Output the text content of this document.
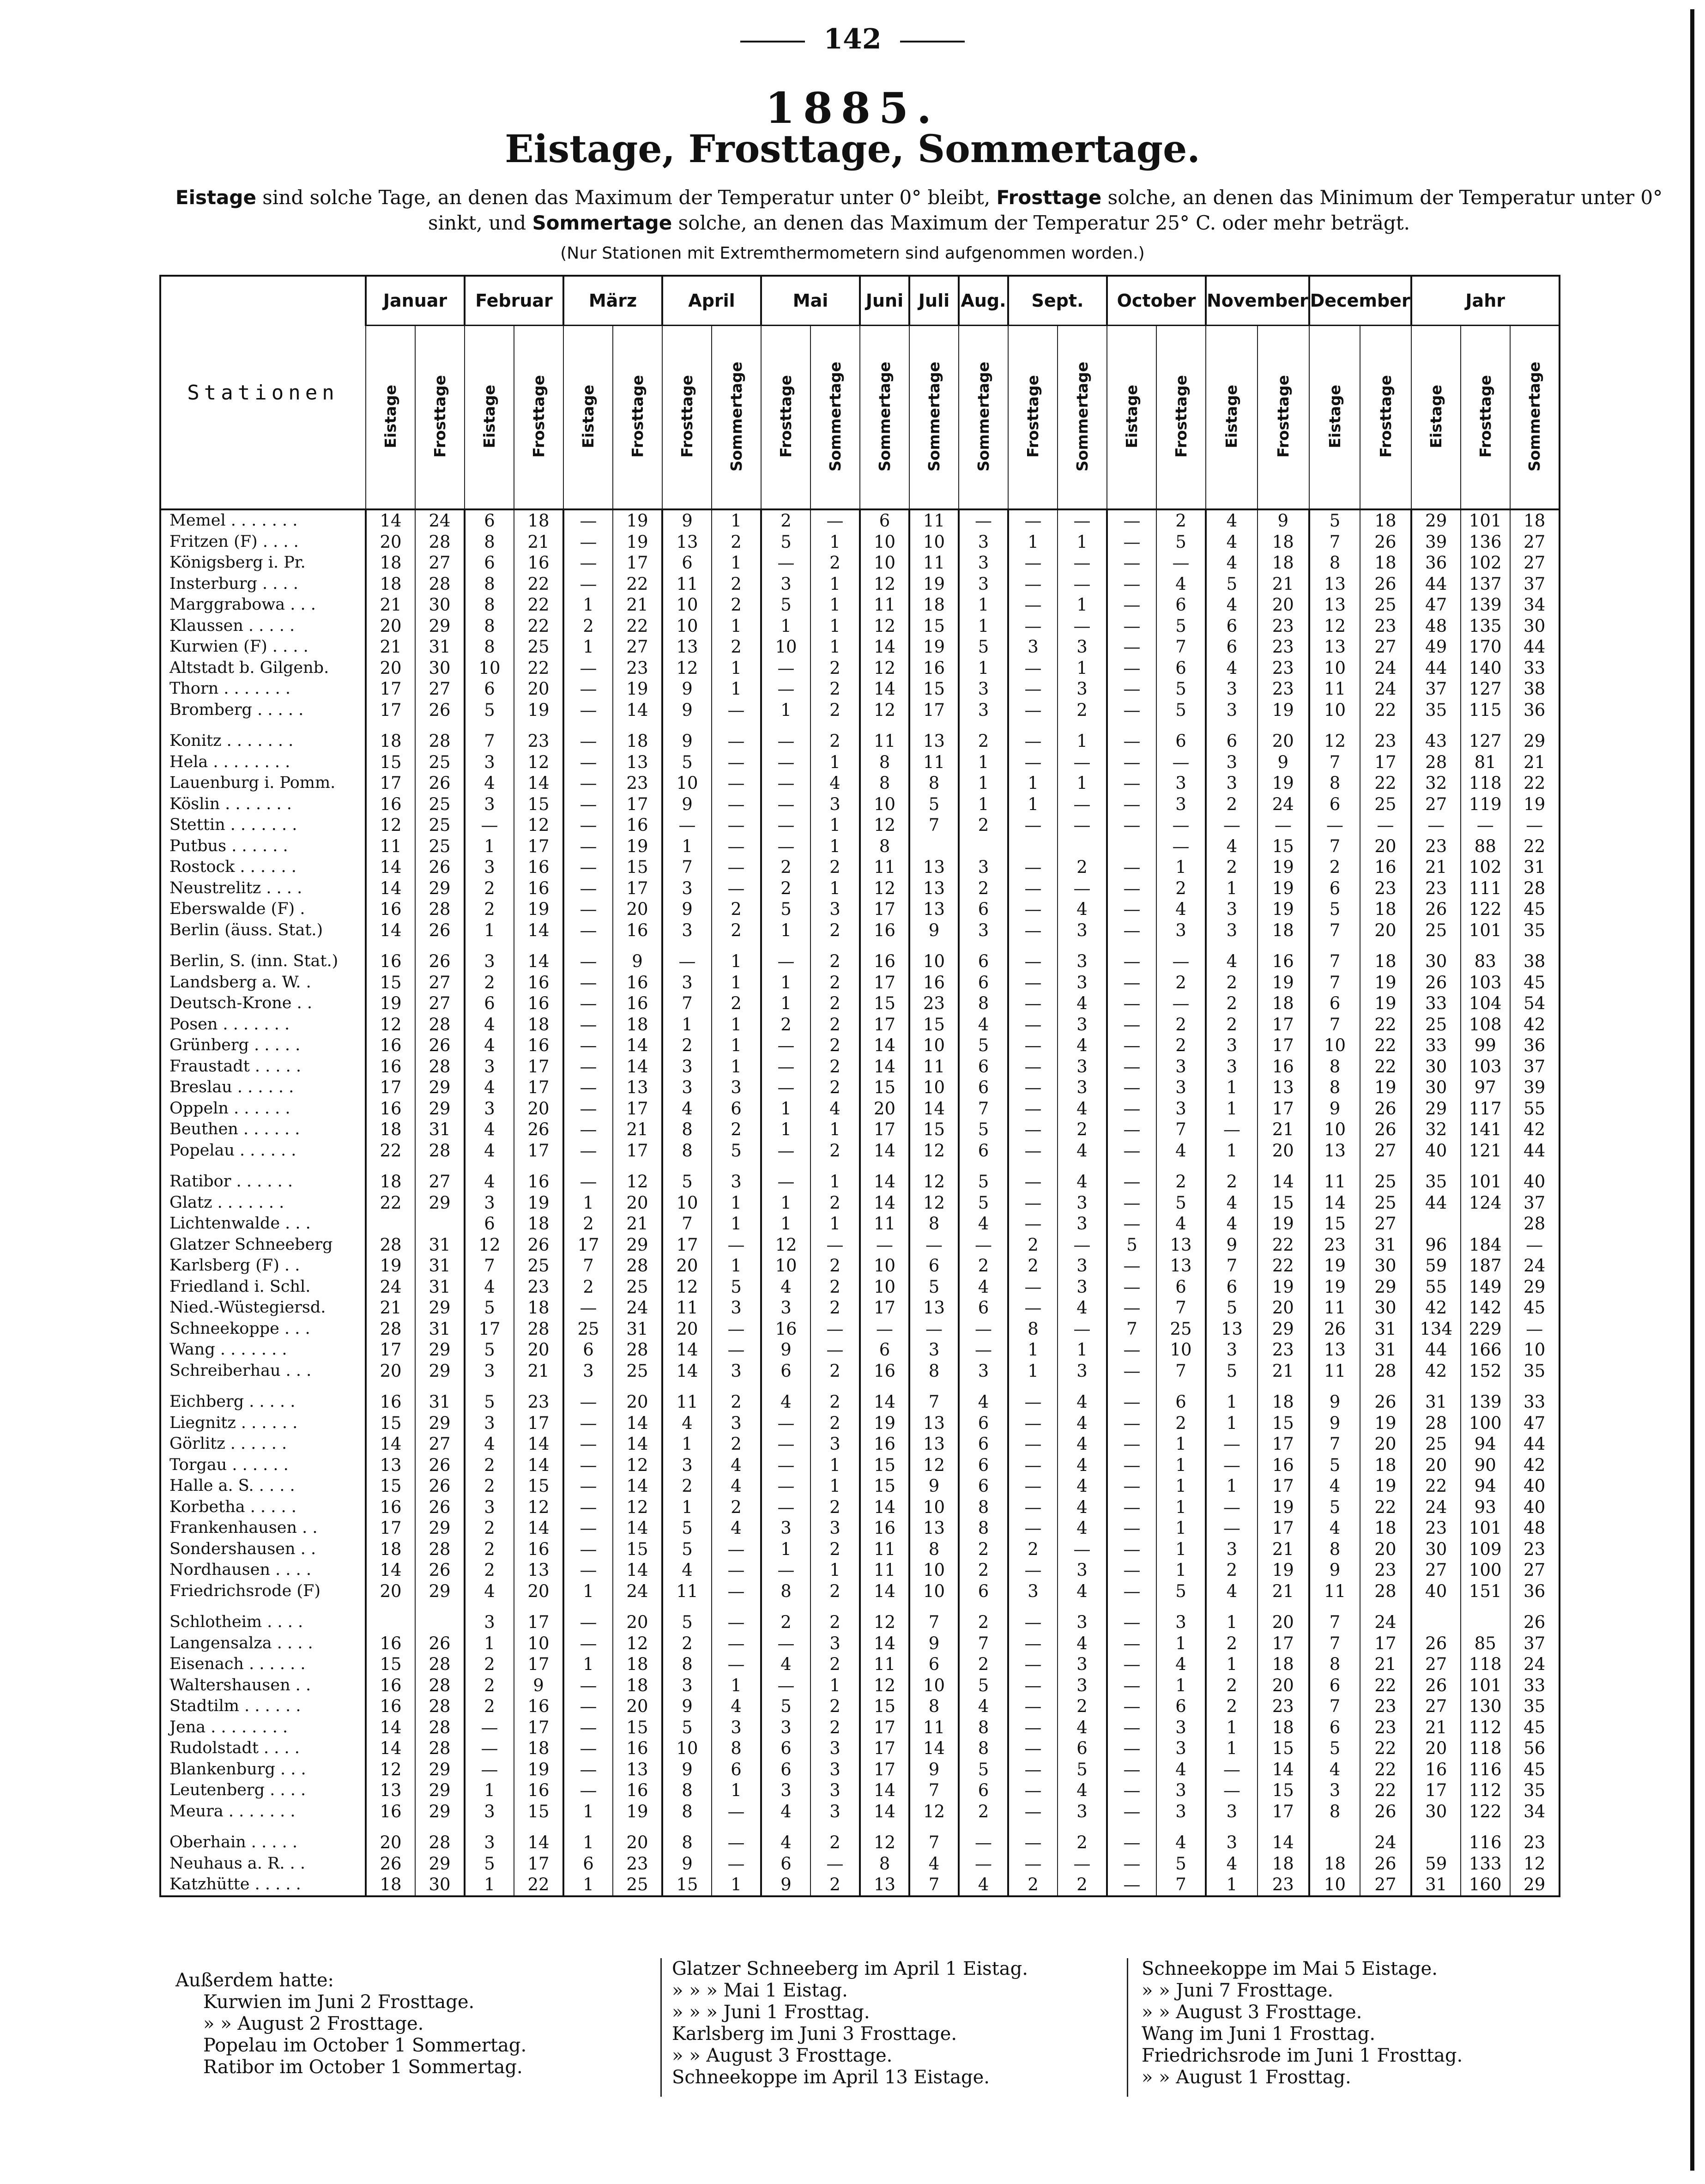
142
1885.
Eistage, Frosttage, Sommertage.
Eistage sind solche Tage, an denen das Maximum der Temperatur unter 0° bleibt, Frosttage solche, an denen das Minimum der Temperatur unter 0° sinkt, und Sommertage solche, an denen das Maximum der Temperatur 25° C. oder mehr beträgt.
(Nur Stationen mit Extremthermometern sind aufgenommen worden.)
Stationen	Januar		Februar		März		April		Mai		Juni	Juli	Aug.	Sept.		October		November		December		Jahr		
	Eistage	Frosttage	Eistage	Frosttage	Eistage	Frosttage	Frosttage	Sommertage	Frosttage	Sommertage	Sommertage	Sommertage	Sommertage	Frosttage	Sommertage	Eistage	Frosttage	Eistage	Frosttage	Eistage	Frosttage	Eistage	Frosttage	Sommertage
Memel . . . . . . .	14	24	6	18	—	19	9	1	2	—	6	11	—	—	—	—	2	4	9	5	18	29	101	18
Fritzen (F) . . . .	20	28	8	21	—	19	13	2	5	1	10	10	3	1	1	—	5	4	18	7	26	39	136	27
Königsberg i. Pr.	18	27	6	16	—	17	6	1	—	2	10	11	3	—	—	—	—	4	18	8	18	36	102	27
Insterburg . . . .	18	28	8	22	—	22	11	2	3	1	12	19	3	—	—	—	4	5	21	13	26	44	137	37
Marggrabowa . . .	21	30	8	22	1	21	10	2	5	1	11	18	1	—	1	—	6	4	20	13	25	47	139	34
Klaussen . . . . .	20	29	8	22	2	22	10	1	1	1	12	15	1	—	—	—	5	6	23	12	23	48	135	30
Kurwien (F) . . . .	21	31	8	25	1	27	13	2	10	1	14	19	5	3	3	—	7	6	23	13	27	49	170	44
Altstadt b. Gilgenb.	20	30	10	22	—	23	12	1	—	2	12	16	1	—	1	—	6	4	23	10	24	44	140	33
Thorn . . . . . . .	17	27	6	20	—	19	9	1	—	2	14	15	3	—	3	—	5	3	23	11	24	37	127	38
Bromberg . . . . .	17	26	5	19	—	14	9	—	1	2	12	17	3	—	2	—	5	3	19	10	22	35	115	36
Konitz . . . . . . .	18	28	7	23	—	18	9	—	—	2	11	13	2	—	1	—	6	6	20	12	23	43	127	29
Hela . . . . . . . .	15	25	3	12	—	13	5	—	—	1	8	11	1	—	—	—	—	3	9	7	17	28	81	21
Lauenburg i. Pomm.	17	26	4	14	—	23	10	—	—	4	8	8	1	1	1	—	3	3	19	8	22	32	118	22
Köslin . . . . . . .	16	25	3	15	—	17	9	—	—	3	10	5	1	1	—	—	3	2	24	6	25	27	119	19
Stettin . . . . . . .	12	25	—	12	—	16	—	—	—	1	12	7	2	—	—	—	—	—	—	—	—	—	—	—
Putbus . . . . . .	11	25	1	17	—	19	1	—	—	1	8						—	4	15	7	20	23	88	22
Rostock . . . . . .	14	26	3	16	—	15	7	—	2	2	11	13	3	—	2	—	1	2	19	2	16	21	102	31
Neustrelitz . . . .	14	29	2	16	—	17	3	—	2	1	12	13	2	—	—	—	2	1	19	6	23	23	111	28
Eberswalde (F) .	16	28	2	19	—	20	9	2	5	3	17	13	6	—	4	—	4	3	19	5	18	26	122	45
Berlin (äuss. Stat.)	14	26	1	14	—	16	3	2	1	2	16	9	3	—	3	—	3	3	18	7	20	25	101	35
Berlin, S. (inn. Stat.)	16	26	3	14	—	9	—	1	—	2	16	10	6	—	3	—	—	4	16	7	18	30	83	38
Landsberg a. W. .	15	27	2	16	—	16	3	1	1	2	17	16	6	—	3	—	2	2	19	7	19	26	103	45
Deutsch-Krone . .	19	27	6	16	—	16	7	2	1	2	15	23	8	—	4	—	—	2	18	6	19	33	104	54
Posen . . . . . . .	12	28	4	18	—	18	1	1	2	2	17	15	4	—	3	—	2	2	17	7	22	25	108	42
Grünberg . . . . .	16	26	4	16	—	14	2	1	—	2	14	10	5	—	4	—	2	3	17	10	22	33	99	36
Fraustadt . . . . .	16	28	3	17	—	14	3	1	—	2	14	11	6	—	3	—	3	3	16	8	22	30	103	37
Breslau . . . . . .	17	29	4	17	—	13	3	3	—	2	15	10	6	—	3	—	3	1	13	8	19	30	97	39
Oppeln . . . . . .	16	29	3	20	—	17	4	6	1	4	20	14	7	—	4	—	3	1	17	9	26	29	117	55
Beuthen . . . . . .	18	31	4	26	—	21	8	2	1	1	17	15	5	—	2	—	7	—	21	10	26	32	141	42
Popelau . . . . . .	22	28	4	17	—	17	8	5	—	2	14	12	6	—	4	—	4	1	20	13	27	40	121	44
Ratibor . . . . . .	18	27	4	16	—	12	5	3	—	1	14	12	5	—	4	—	2	2	14	11	25	35	101	40
Glatz . . . . . . .	22	29	3	19	1	20	10	1	1	2	14	12	5	—	3	—	5	4	15	14	25	44	124	37
Lichtenwalde . . .			6	18	2	21	7	1	1	1	11	8	4	—	3	—	4	4	19	15	27			28
Glatzer Schneeberg	28	31	12	26	17	29	17	—	12	—	—	—	—	2	—	5	13	9	22	23	31	96	184	—
Karlsberg (F) . .	19	31	7	25	7	28	20	1	10	2	10	6	2	2	3	—	13	7	22	19	30	59	187	24
Friedland i. Schl.	24	31	4	23	2	25	12	5	4	2	10	5	4	—	3	—	6	6	19	19	29	55	149	29
Nied.-Wüstegiersd.	21	29	5	18	—	24	11	3	3	2	17	13	6	—	4	—	7	5	20	11	30	42	142	45
Schneekoppe . . .	28	31	17	28	25	31	20	—	16	—	—	—	—	8	—	7	25	13	29	26	31	134	229	—
Wang . . . . . . .	17	29	5	20	6	28	14	—	9	—	6	3	—	1	1	—	10	3	23	13	31	44	166	10
Schreiberhau . . .	20	29	3	21	3	25	14	3	6	2	16	8	3	1	3	—	7	5	21	11	28	42	152	35
Eichberg . . . . .	16	31	5	23	—	20	11	2	4	2	14	7	4	—	4	—	6	1	18	9	26	31	139	33
Liegnitz . . . . . .	15	29	3	17	—	14	4	3	—	2	19	13	6	—	4	—	2	1	15	9	19	28	100	47
Görlitz . . . . . .	14	27	4	14	—	14	1	2	—	3	16	13	6	—	4	—	1	—	17	7	20	25	94	44
Torgau . . . . . .	13	26	2	14	—	12	3	4	—	1	15	12	6	—	4	—	1	—	16	5	18	20	90	42
Halle a. S. . . . .	15	26	2	15	—	14	2	4	—	1	15	9	6	—	4	—	1	1	17	4	19	22	94	40
Korbetha . . . . .	16	26	3	12	—	12	1	2	—	2	14	10	8	—	4	—	1	—	19	5	22	24	93	40
Frankenhausen . .	17	29	2	14	—	14	5	4	3	3	16	13	8	—	4	—	1	—	17	4	18	23	101	48
Sondershausen . .	18	28	2	16	—	15	5	—	1	2	11	8	2	2	—	—	1	3	21	8	20	30	109	23
Nordhausen . . . .	14	26	2	13	—	14	4	—	—	1	11	10	2	—	3	—	1	2	19	9	23	27	100	27
Friedrichsrode (F)	20	29	4	20	1	24	11	—	8	2	14	10	6	3	4	—	5	4	21	11	28	40	151	36
Schlotheim . . . .			3	17	—	20	5	—	2	2	12	7	2	—	3	—	3	1	20	7	24			26
Langensalza . . . .	16	26	1	10	—	12	2	—	—	3	14	9	7	—	4	—	1	2	17	7	17	26	85	37
Eisenach . . . . . .	15	28	2	17	1	18	8	—	4	2	11	6	2	—	3	—	4	1	18	8	21	27	118	24
Waltershausen . .	16	28	2	9	—	18	3	1	—	1	12	10	5	—	3	—	1	2	20	6	22	26	101	33
Stadtilm . . . . . .	16	28	2	16	—	20	9	4	5	2	15	8	4	—	2	—	6	2	23	7	23	27	130	35
Jena . . . . . . . .	14	28	—	17	—	15	5	3	3	2	17	11	8	—	4	—	3	1	18	6	23	21	112	45
Rudolstadt . . . .	14	28	—	18	—	16	10	8	6	3	17	14	8	—	6	—	3	1	15	5	22	20	118	56
Blankenburg . . .	12	29	—	19	—	13	9	6	6	3	17	9	5	—	5	—	4	—	14	4	22	16	116	45
Leutenberg . . . .	13	29	1	16	—	16	8	1	3	3	14	7	6	—	4	—	3	—	15	3	22	17	112	35
Meura . . . . . . .	16	29	3	15	1	19	8	—	4	3	14	12	2	—	3	—	3	3	17	8	26	30	122	34
Oberhain . . . . .	20	28	3	14	1	20	8	—	4	2	12	7	—	—	2	—	4	3	14		24		116	23
Neuhaus a. R. . .	26	29	5	17	6	23	9	—	6	—	8	4	—	—	—	—	5	4	18	18	26	59	133	12
Katzhütte . . . . .	18	30	1	22	1	25	15	1	9	2	13	7	4	2	2	—	7	1	23	10	27	31	160	29
Außerdem hatte:
Kurwien im Juni 2 Frosttage.
» » August 2 Frosttage.
Popelau im October 1 Sommertag.
Ratibor im October 1 Sommertag.
Glatzer Schneeberg im April 1 Eistag.
» » » Mai 1 Eistag.
» » » Juni 1 Frosttag.
Karlsberg im Juni 3 Frosttage.
» » August 3 Frosttage.
Schneekoppe im April 13 Eistage.
Schneekoppe im Mai 5 Eistage.
» » Juni 7 Frosttage.
» » August 3 Frosttage.
Wang im Juni 1 Frosttag.
Friedrichsrode im Juni 1 Frosttag.
» » August 1 Frosttag.
